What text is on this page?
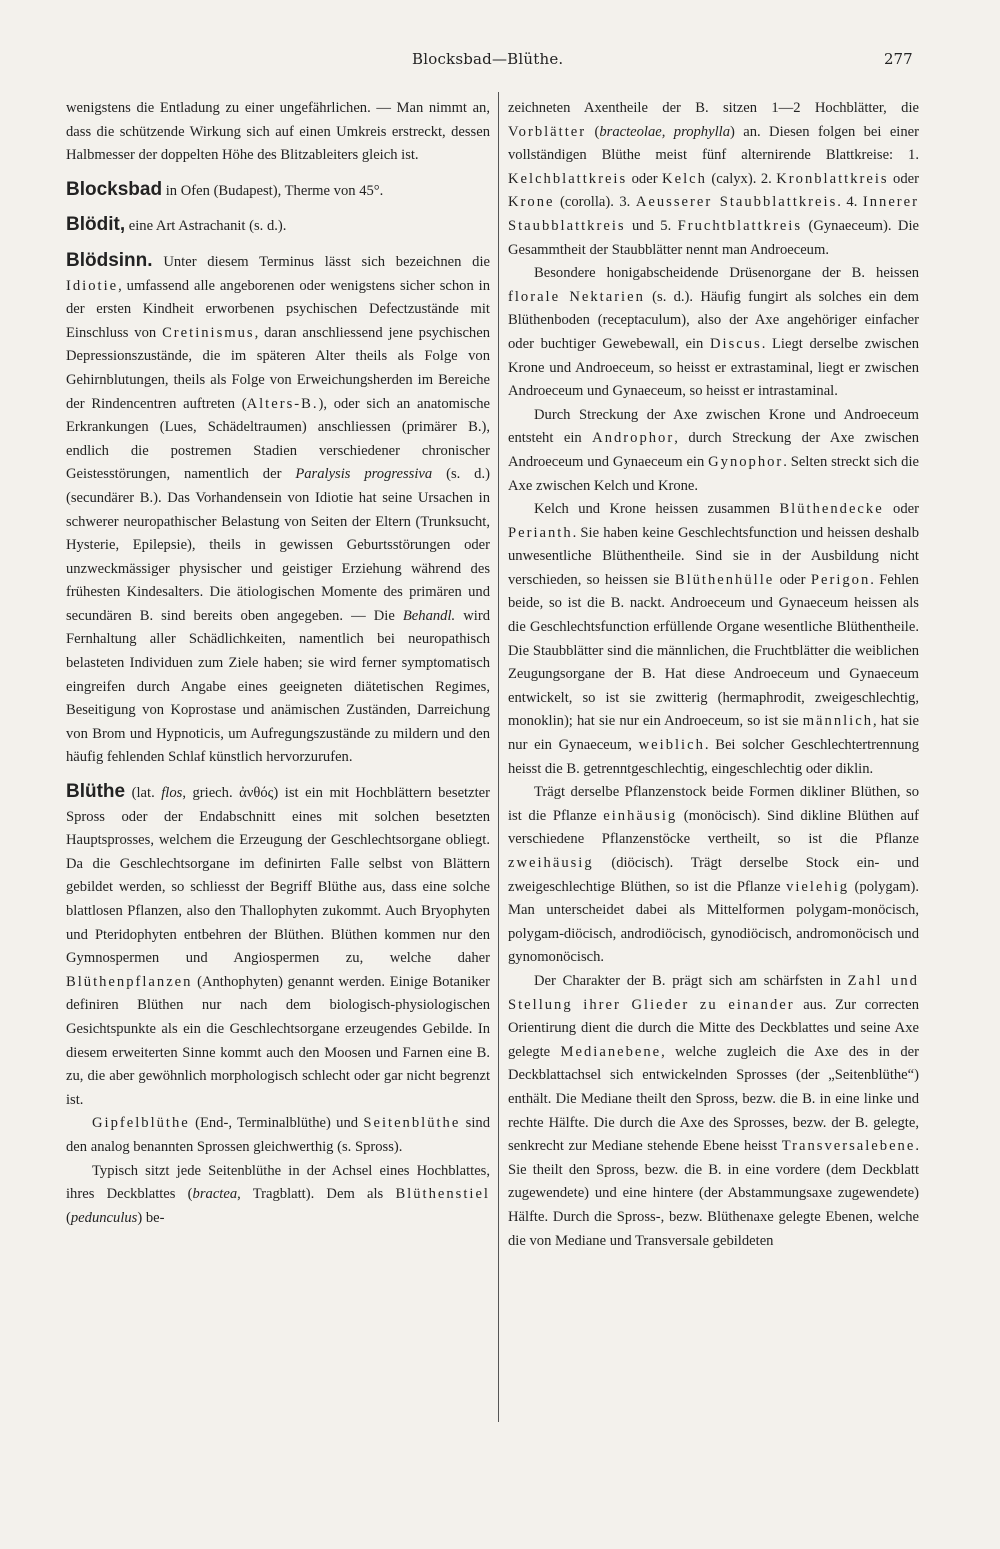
Blocksbad—Blüthe.	277

wenigstens die Entladung zu einer ungefährlichen. — Man nimmt an, dass die schützende Wirkung sich auf einen Umkreis erstreckt, dessen Halbmesser der doppelten Höhe des Blitzableiters gleich ist.

Blocksbad in Ofen (Budapest), Therme von 45°.

Blödit, eine Art Astrachanit (s. d.).

Blödsinn. Unter diesem Terminus lässt sich bezeichnen die Idiotie, umfassend alle angeborenen oder wenigstens sicher schon in der ersten Kindheit erworbenen psychischen Defectzustände mit Einschluss von Cretinismus, daran anschliessend jene psychischen Depressionszustände, die im späteren Alter theils als Folge von Gehirnblutungen, theils als Folge von Erweichungsherden im Bereiche der Rindencentren auftreten (Alters-B.), oder sich an anatomische Erkrankungen (Lues, Schädeltraumen) anschliessen (primärer B.), endlich die postremen Stadien verschiedener chronischer Geistesstörungen, namentlich der Paralysis progressiva (s. d.) (secundärer B.). Das Vorhandensein von Idiotie hat seine Ursachen in schwerer neuropathischer Belastung von Seiten der Eltern (Trunksucht, Hysterie, Epilepsie), theils in gewissen Geburtsstörungen oder unzweckmässiger physischer und geistiger Erziehung während des frühesten Kindesalters. Die ätiologischen Momente des primären und secundären B. sind bereits oben angegeben. — Die Behandl. wird Fernhaltung aller Schädlichkeiten, namentlich bei neuropathisch belasteten Individuen zum Ziele haben; sie wird ferner symptomatisch eingreifen durch Angabe eines geeigneten diätetischen Regimes, Beseitigung von Koprostase und anämischen Zuständen, Darreichung von Brom und Hypnoticis, um Aufregungszustände zu mildern und den häufig fehlenden Schlaf künstlich hervorzurufen.

Blüthe (lat. flos, griech. ἀνθός) ist ein mit Hochblättern besetzter Spross oder der Endabschnitt eines mit solchen besetzten Hauptsprosses, welchem die Erzeugung der Geschlechtsorgane obliegt. Da die Geschlechtsorgane im definirten Falle selbst von Blättern gebildet werden, so schliesst der Begriff Blüthe aus, dass eine solche blattlosen Pflanzen, also den Thallophyten zukommt. Auch Bryophyten und Pteridophyten entbehren der Blüthen. Blüthen kommen nur den Gymnospermen und Angiospermen zu, welche daher Blüthenpflanzen (Anthophyten) genannt werden. Einige Botaniker definiren Blüthen nur nach dem biologisch-physiologischen Gesichtspunkte als ein die Geschlechtsorgane erzeugendes Gebilde. In diesem erweiterten Sinne kommt auch den Moosen und Farnen eine B. zu, die aber gewöhnlich morphologisch schlecht oder gar nicht begrenzt ist.

Gipfelblüthe (End-, Terminalblüthe) und Seitenblüthe sind den analog benannten Sprossen gleichwerthig (s. Spross).

Typisch sitzt jede Seitenblüthe in der Achsel eines Hochblattes, ihres Deckblattes (bractea, Tragblatt). Dem als Blüthenstiel (pedunculus) be-

zeichneten Axentheile der B. sitzen 1—2 Hochblätter, die Vorblätter (bracteolae, prophylla) an. Diesen folgen bei einer vollständigen Blüthe meist fünf alternirende Blattkreise: 1. Kelchblattkreis oder Kelch (calyx). 2. Kronblattkreis oder Krone (corolla). 3. Aeusserer Staubblattkreis. 4. Innerer Staubblattkreis und 5. Fruchtblattkreis (Gynaeceum). Die Gesammtheit der Staubblätter nennt man Androeceum.

Besondere honigabscheidende Drüsenorgane der B. heissen florale Nektarien (s. d.). Häufig fungirt als solches ein dem Blüthenboden (receptaculum), also der Axe angehöriger einfacher oder buchtiger Gewebewall, ein Discus. Liegt derselbe zwischen Krone und Androeceum, so heisst er extrastaminal, liegt er zwischen Androeceum und Gynaeceum, so heisst er intrastaminal.

Durch Streckung der Axe zwischen Krone und Androeceum entsteht ein Androphor, durch Streckung der Axe zwischen Androeceum und Gynaeceum ein Gynophor. Selten streckt sich die Axe zwischen Kelch und Krone.

Kelch und Krone heissen zusammen Blüthendecke oder Perianth. Sie haben keine Geschlechtsfunction und heissen deshalb unwesentliche Blüthentheile. Sind sie in der Ausbildung nicht verschieden, so heissen sie Blüthenhülle oder Perigon. Fehlen beide, so ist die B. nackt. Androeceum und Gynaeceum heissen als die Geschlechtsfunction erfüllende Organe wesentliche Blüthentheile. Die Staubblätter sind die männlichen, die Fruchtblätter die weiblichen Zeugungsorgane der B. Hat diese Androeceum und Gynaeceum entwickelt, so ist sie zwitterig (hermaphrodit, zweigeschlechtig, monoklin); hat sie nur ein Androeceum, so ist sie männlich, hat sie nur ein Gynaeceum, weiblich. Bei solcher Geschlechtertrennung heisst die B. getrenntgeschlechtig, eingeschlechtig oder diklin.

Trägt derselbe Pflanzenstock beide Formen dikliner Blüthen, so ist die Pflanze einhäusig (monöcisch). Sind dikline Blüthen auf verschiedene Pflanzenstöcke vertheilt, so ist die Pflanze zweihäusig (diöcisch). Trägt derselbe Stock ein- und zweigeschlechtige Blüthen, so ist die Pflanze vielehig (polygam). Man unterscheidet dabei als Mittelformen polygam-monöcisch, polygam-diöcisch, androdiöcisch, gynodiöcisch, andromonöcisch und gynomonöcisch.

Der Charakter der B. prägt sich am schärfsten in Zahl und Stellung ihrer Glieder zu einander aus. Zur correcten Orientirung dient die durch die Mitte des Deckblattes und seine Axe gelegte Medianebene, welche zugleich die Axe des in der Deckblattachsel sich entwickelnden Sprosses (der „Seitenblüthe“) enthält. Die Mediane theilt den Spross, bezw. die B. in eine linke und rechte Hälfte. Die durch die Axe des Sprosses, bezw. der B. gelegte, senkrecht zur Mediane stehende Ebene heisst Transversalebene. Sie theilt den Spross, bezw. die B. in eine vordere (dem Deckblatt zugewendete) und eine hintere (der Abstammungsaxe zugewendete) Hälfte. Durch die Spross-, bezw. Blüthenaxe gelegte Ebenen, welche die von Mediane und Transversale gebildeten
